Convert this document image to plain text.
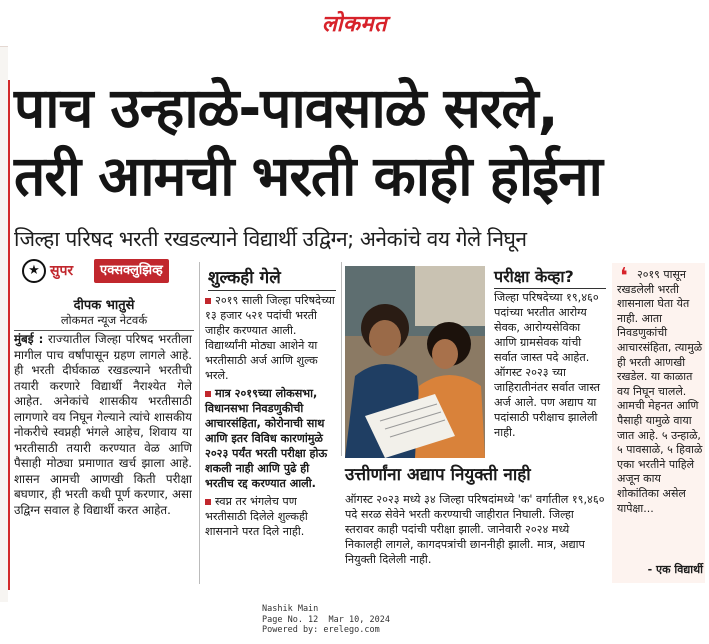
लोकमत
पाच उन्हाळे-पावसाळे सरले,
तरी आमची भरती काही होईना
जिल्हा परिषद भरती रखडल्याने विद्यार्थी उद्विग्न; अनेकांचे वय गेले निघून
★ सुपर	एक्सक्लुझिव्ह
दीपक भातुसे
लोकमत न्यूज नेटवर्क
मुंबई : राज्यातील जिल्हा परिषद भरतीला मागील पाच वर्षांपासून ग्रहण लागले आहे. ही भरती दीर्घकाळ रखडल्याने भरतीची तयारी करणारे विद्यार्थी नैराश्येत गेले आहेत. अनेकांचे शासकीय भरतीसाठी लागणारे वय निघून गेल्याने त्यांचे शासकीय नोकरीचे स्वप्नही भंगले आहेच, शिवाय या भरतीसाठी तयारी करण्यात वेळ आणि पैसाही मोठ्या प्रमाणात खर्च झाला आहे. शासन आमची आणखी किती परीक्षा बघणार, ही भरती कधी पूर्ण करणार, असा उद्विग्न सवाल हे विद्यार्थी करत आहेत.
शुल्कही गेले

२०१९ साली जिल्हा परिषदेच्या १३ हजार ५२१ पदांची भरती जाहीर करण्यात आली. विद्यार्थ्यांनी मोठ्या आशेने या भरतीसाठी अर्ज आणि शुल्क भरले.

मात्र २०१९च्या लोकसभा, विधानसभा निवडणुकीची आचारसंहिता, कोरोनाची साथ आणि इतर विविध कारणांमुळे २०२३ पर्यंत भरती परीक्षा होऊ शकली नाही आणि पुढे ही भरतीच रद्द करण्यात आली.

स्वप्न तर भंगलेच पण भरतीसाठी दिलेले शुल्कही शासनाने परत दिले नाही.

परीक्षा केव्हा?
जिल्हा परिषदेच्या १९,४६० पदांच्या भरतीत आरोग्य सेवक, आरोग्यसेविका आणि ग्रामसेवक यांची सर्वात जास्त पदे आहेत. ऑगस्ट २०२३ च्या जाहिरातीनंतर सर्वात जास्त अर्ज आले. पण अद्याप या पदांसाठी परीक्षाच झालेली नाही.
उत्तीर्णांना अद्याप नियुक्ती नाही
ऑगस्ट २०२३ मध्ये ३४ जिल्हा परिषदांमध्ये 'क' वर्गातील १९,४६० पदे सरळ सेवेने भरती करण्याची जाहीरात निघाली. जिल्हा स्तरावर काही पदांची परीक्षा झाली. जानेवारी २०२४ मध्ये निकालही लागले, कागदपत्रांची छाननीही झाली. मात्र, अद्याप नियुक्ती दिलेली नाही.
❛ २०१९ पासून रखडलेली भरती शासनाला घेता येत नाही. आता निवडणुकांची आचारसंहिता, त्यामुळे ही भरती आणखी रखडेल. या काळात वय निघून चालले. आमची मेहनत आणि पैसाही यामुळे वाया जात आहे. ५ उन्हाळे, ५ पावसाळे, ५ हिवाळे एका भरतीने पाहिले अजून काय शोकांतिका असेल यापेक्षा...
- एक विद्यार्थी
Nashik Main
Page No. 12  Mar 10, 2024
Powered by: erelego.com
